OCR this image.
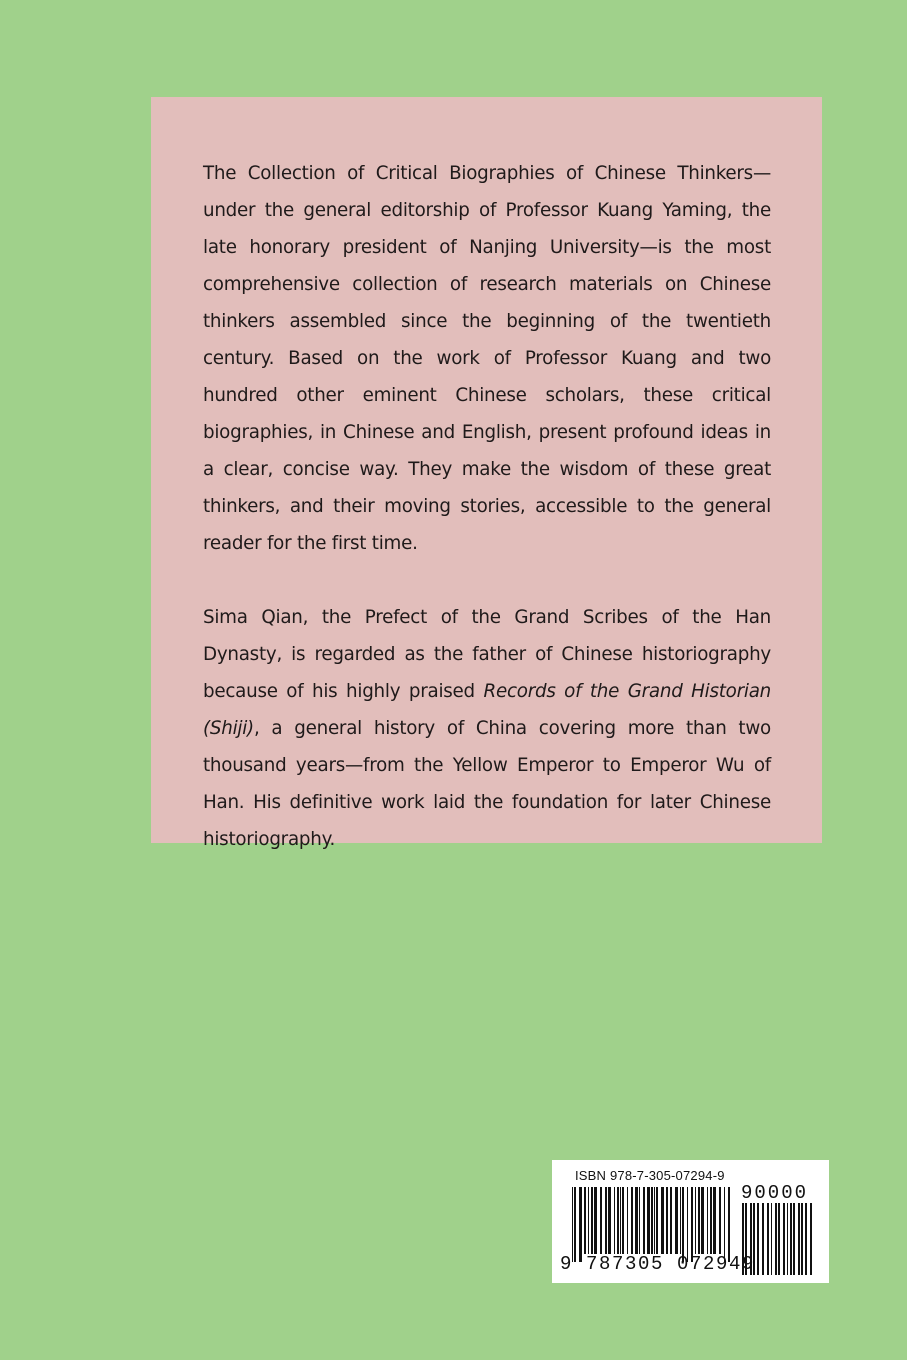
The Collection of Critical Biographies of Chinese Thinkers—under the general editorship of Professor Kuang Yaming, the late honorary president of Nanjing University—is the most comprehensive collection of research materials on Chinese thinkers assembled since the beginning of the twentieth century. Based on the work of Professor Kuang and two hundred other eminent Chinese scholars, these critical biographies, in Chinese and English, present profound ideas in a clear, concise way. They make the wisdom of these great thinkers, and their moving stories, accessible to the general reader for the first time.

Sima Qian, the Prefect of the Grand Scribes of the Han Dynasty, is regarded as the father of Chinese historiography because of his highly praised Records of the Grand Historian (Shiji), a general history of China covering more than two thousand years—from the Yellow Emperor to Emperor Wu of Han. His definitive work laid the foundation for later Chinese historiography.

ISBN 978-7-305-07294-9
90000
9 787305 072949
